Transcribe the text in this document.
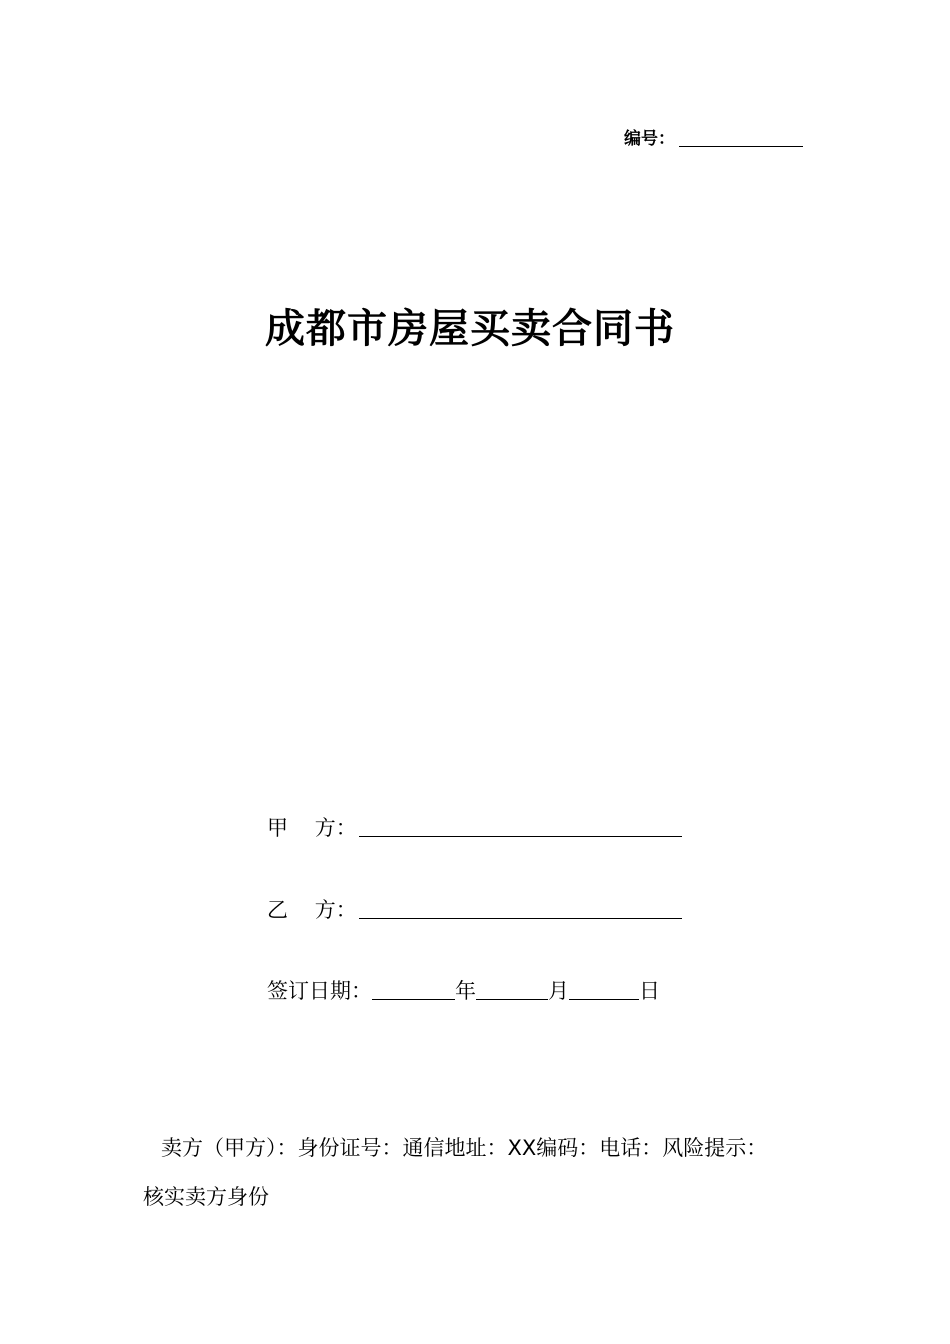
编号：
成都市房屋买卖合同书
甲    方：
乙    方：
签订日期：	年	月	日
卖方（甲方）：身份证号：通信地址：XX编码：电话：风险提示：
核实卖方身份
